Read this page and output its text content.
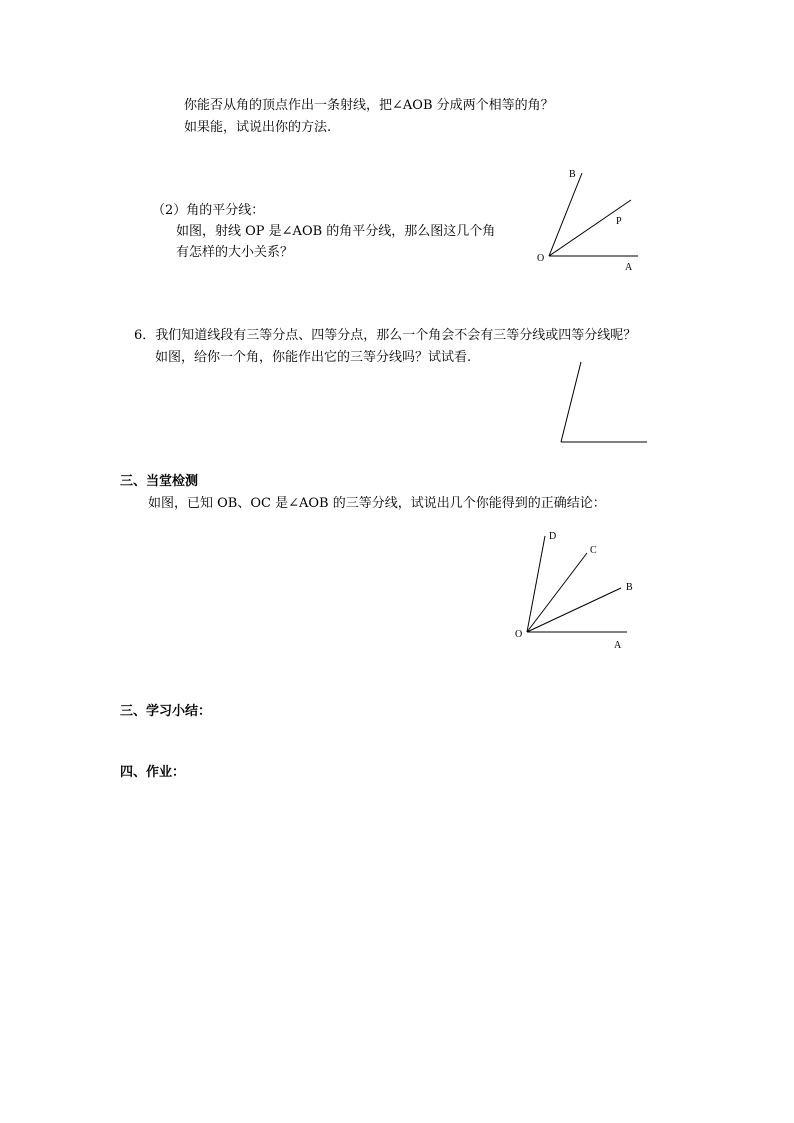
你能否从角的顶点作出一条射线，把∠AOB 分成两个相等的角？
如果能，试说出你的方法.
（2）角的平分线：
如图，射线 OP 是∠AOB 的角平分线，那么图这几个角
有怎样的大小关系？
6．我们知道线段有三等分点、四等分点，那么一个角会不会有三等分线或四等分线呢？
如图，给你一个角，你能作出它的三等分线吗？试试看.
三、当堂检测
如图，已知 OB、OC 是∠AOB 的三等分线，试说出几个你能得到的正确结论：
三、学习小结：
四、作业：
B
P
O
A
D
C
B
O
A
